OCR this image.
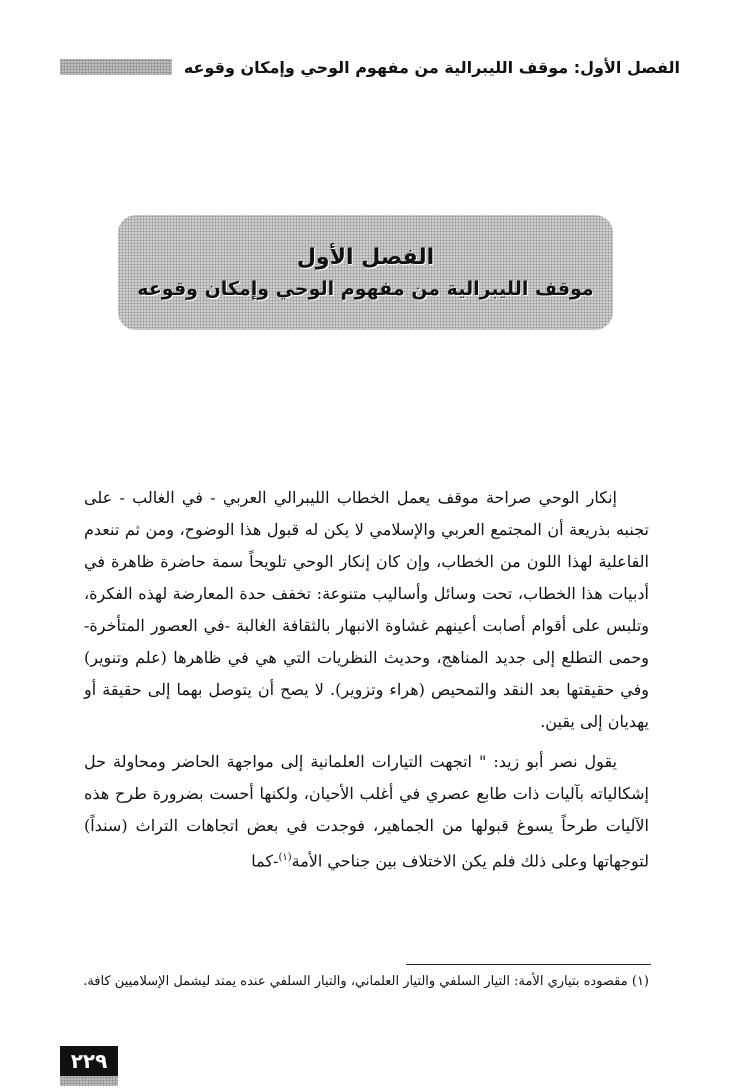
الفصل الأول: موقف الليبرالية من مفهوم الوحي وإمكان وقوعه
الفصل الأول
موقف الليبرالية من مفهوم الوحي وإمكان وقوعه

إنكار الوحي صراحة موقف يعمل الخطاب الليبرالي العربي - في الغالب - على تجنبه بذريعة أن المجتمع العربي والإسلامي لا يكن له قبول هذا الوضوح، ومن ثم تنعدم الفاعلية لهذا اللون من الخطاب، وإن كان إنكار الوحي تلويحاً سمة حاضرة ظاهرة في أدبيات هذا الخطاب، تحت وسائل وأساليب متنوعة: تخفف حدة المعارضة لهذه الفكرة، وتلبس على أقوام أصابت أعينهم غشاوة الانبهار بالثقافة الغالبة -في العصور المتأخرة- وحمى التطلع إلى جديد المناهج، وحديث النظريات التي هي في ظاهرها (علم وتنوير) وفي حقيقتها بعد النقد والتمحيص (هراء وتزوير). لا يصح أن يتوصل بهما إلى حقيقة أو يهديان إلى يقين.

يقول نصر أبو زيد: " اتجهت التيارات العلمانية إلى مواجهة الحاضر ومحاولة حل إشكالياته بآليات ذات طابع عصري في أغلب الأحيان، ولكنها أحست بضرورة طرح هذه الآليات طرحاً يسوغ قبولها من الجماهير، فوجدت في بعض اتجاهات التراث (سنداً) لتوجهاتها وعلى ذلك فلم يكن الاختلاف بين جناحي الأمة$^{(١)}$-كما

(١) مقصوده بتياري الأمة: التيار السلفي والتيار العلماني، والتيار السلفي عنده يمتد ليشمل الإسلاميين كافة.
٢٢٩
